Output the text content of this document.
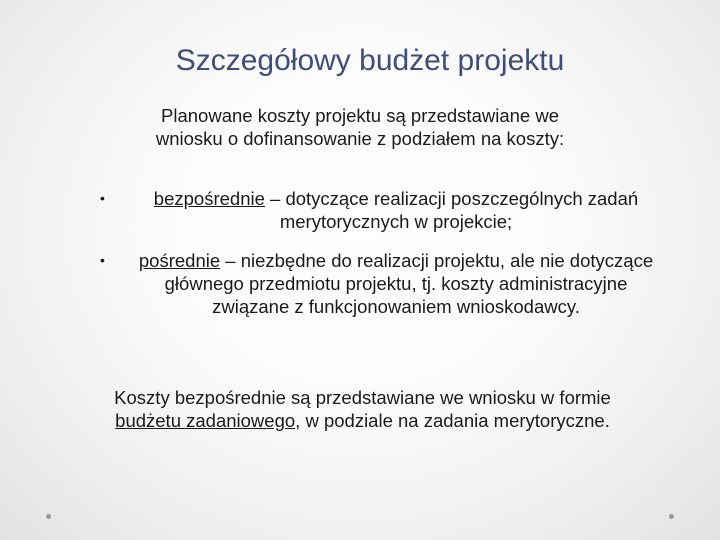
Szczegółowy budżet projektu
Planowane koszty projektu są przedstawiane we wniosku o dofinansowanie z podziałem na koszty:
•	bezpośrednie – dotyczące realizacji poszczególnych zadań merytorycznych w projekcie;
•	pośrednie – niezbędne do realizacji projektu, ale nie dotyczące głównego przedmiotu projektu, tj. koszty administracyjne związane z funkcjonowaniem wnioskodawcy.
Koszty bezpośrednie są przedstawiane we wniosku w formie budżetu zadaniowego, w podziale na zadania merytoryczne.
